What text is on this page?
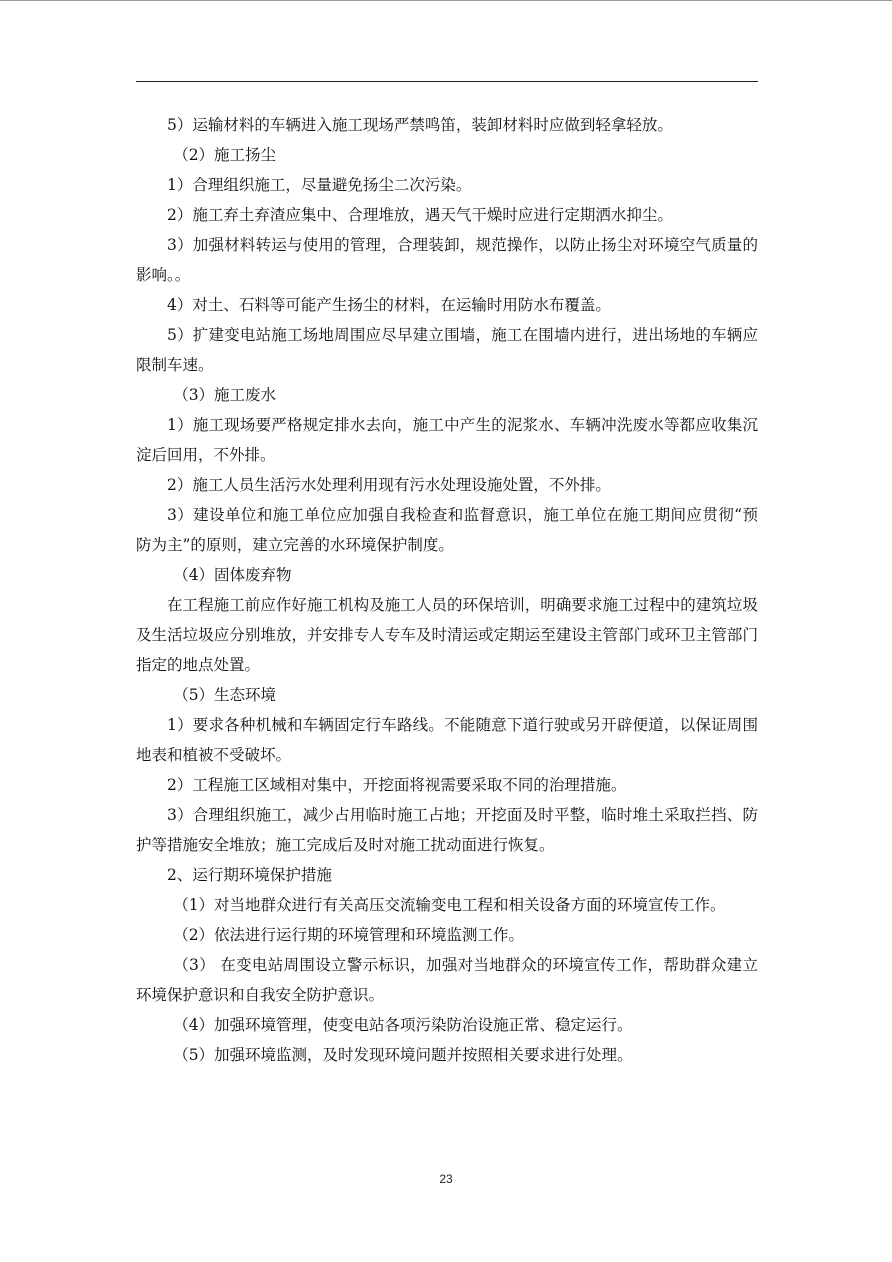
5）运输材料的车辆进入施工现场严禁鸣笛，装卸材料时应做到轻拿轻放。

（2）施工扬尘

1）合理组织施工，尽量避免扬尘二次污染。

2）施工弃土弃渣应集中、合理堆放，遇天气干燥时应进行定期洒水抑尘。

3）加强材料转运与使用的管理，合理装卸，规范操作，以防止扬尘对环境空气质量的影响。。

4）对土、石料等可能产生扬尘的材料，在运输时用防水布覆盖。

5）扩建变电站施工场地周围应尽早建立围墙，施工在围墙内进行，进出场地的车辆应限制车速。

（3）施工废水

1）施工现场要严格规定排水去向，施工中产生的泥浆水、车辆冲洗废水等都应收集沉淀后回用，不外排。

2）施工人员生活污水处理利用现有污水处理设施处置，不外排。

3）建设单位和施工单位应加强自我检查和监督意识，施工单位在施工期间应贯彻“预防为主”的原则，建立完善的水环境保护制度。

（4）固体废弃物

在工程施工前应作好施工机构及施工人员的环保培训，明确要求施工过程中的建筑垃圾及生活垃圾应分别堆放，并安排专人专车及时清运或定期运至建设主管部门或环卫主管部门指定的地点处置。

（5）生态环境

1）要求各种机械和车辆固定行车路线。不能随意下道行驶或另开辟便道，以保证周围地表和植被不受破坏。

2）工程施工区域相对集中，开挖面将视需要采取不同的治理措施。

3）合理组织施工，减少占用临时施工占地；开挖面及时平整，临时堆土采取拦挡、防护等措施安全堆放；施工完成后及时对施工扰动面进行恢复。

2、运行期环境保护措施

（1）对当地群众进行有关高压交流输变电工程和相关设备方面的环境宣传工作。

（2）依法进行运行期的环境管理和环境监测工作。

（3） 在变电站周围设立警示标识，加强对当地群众的环境宣传工作，帮助群众建立环境保护意识和自我安全防护意识。

（4）加强环境管理，使变电站各项污染防治设施正常、稳定运行。

（5）加强环境监测，及时发现环境问题并按照相关要求进行处理。

23
